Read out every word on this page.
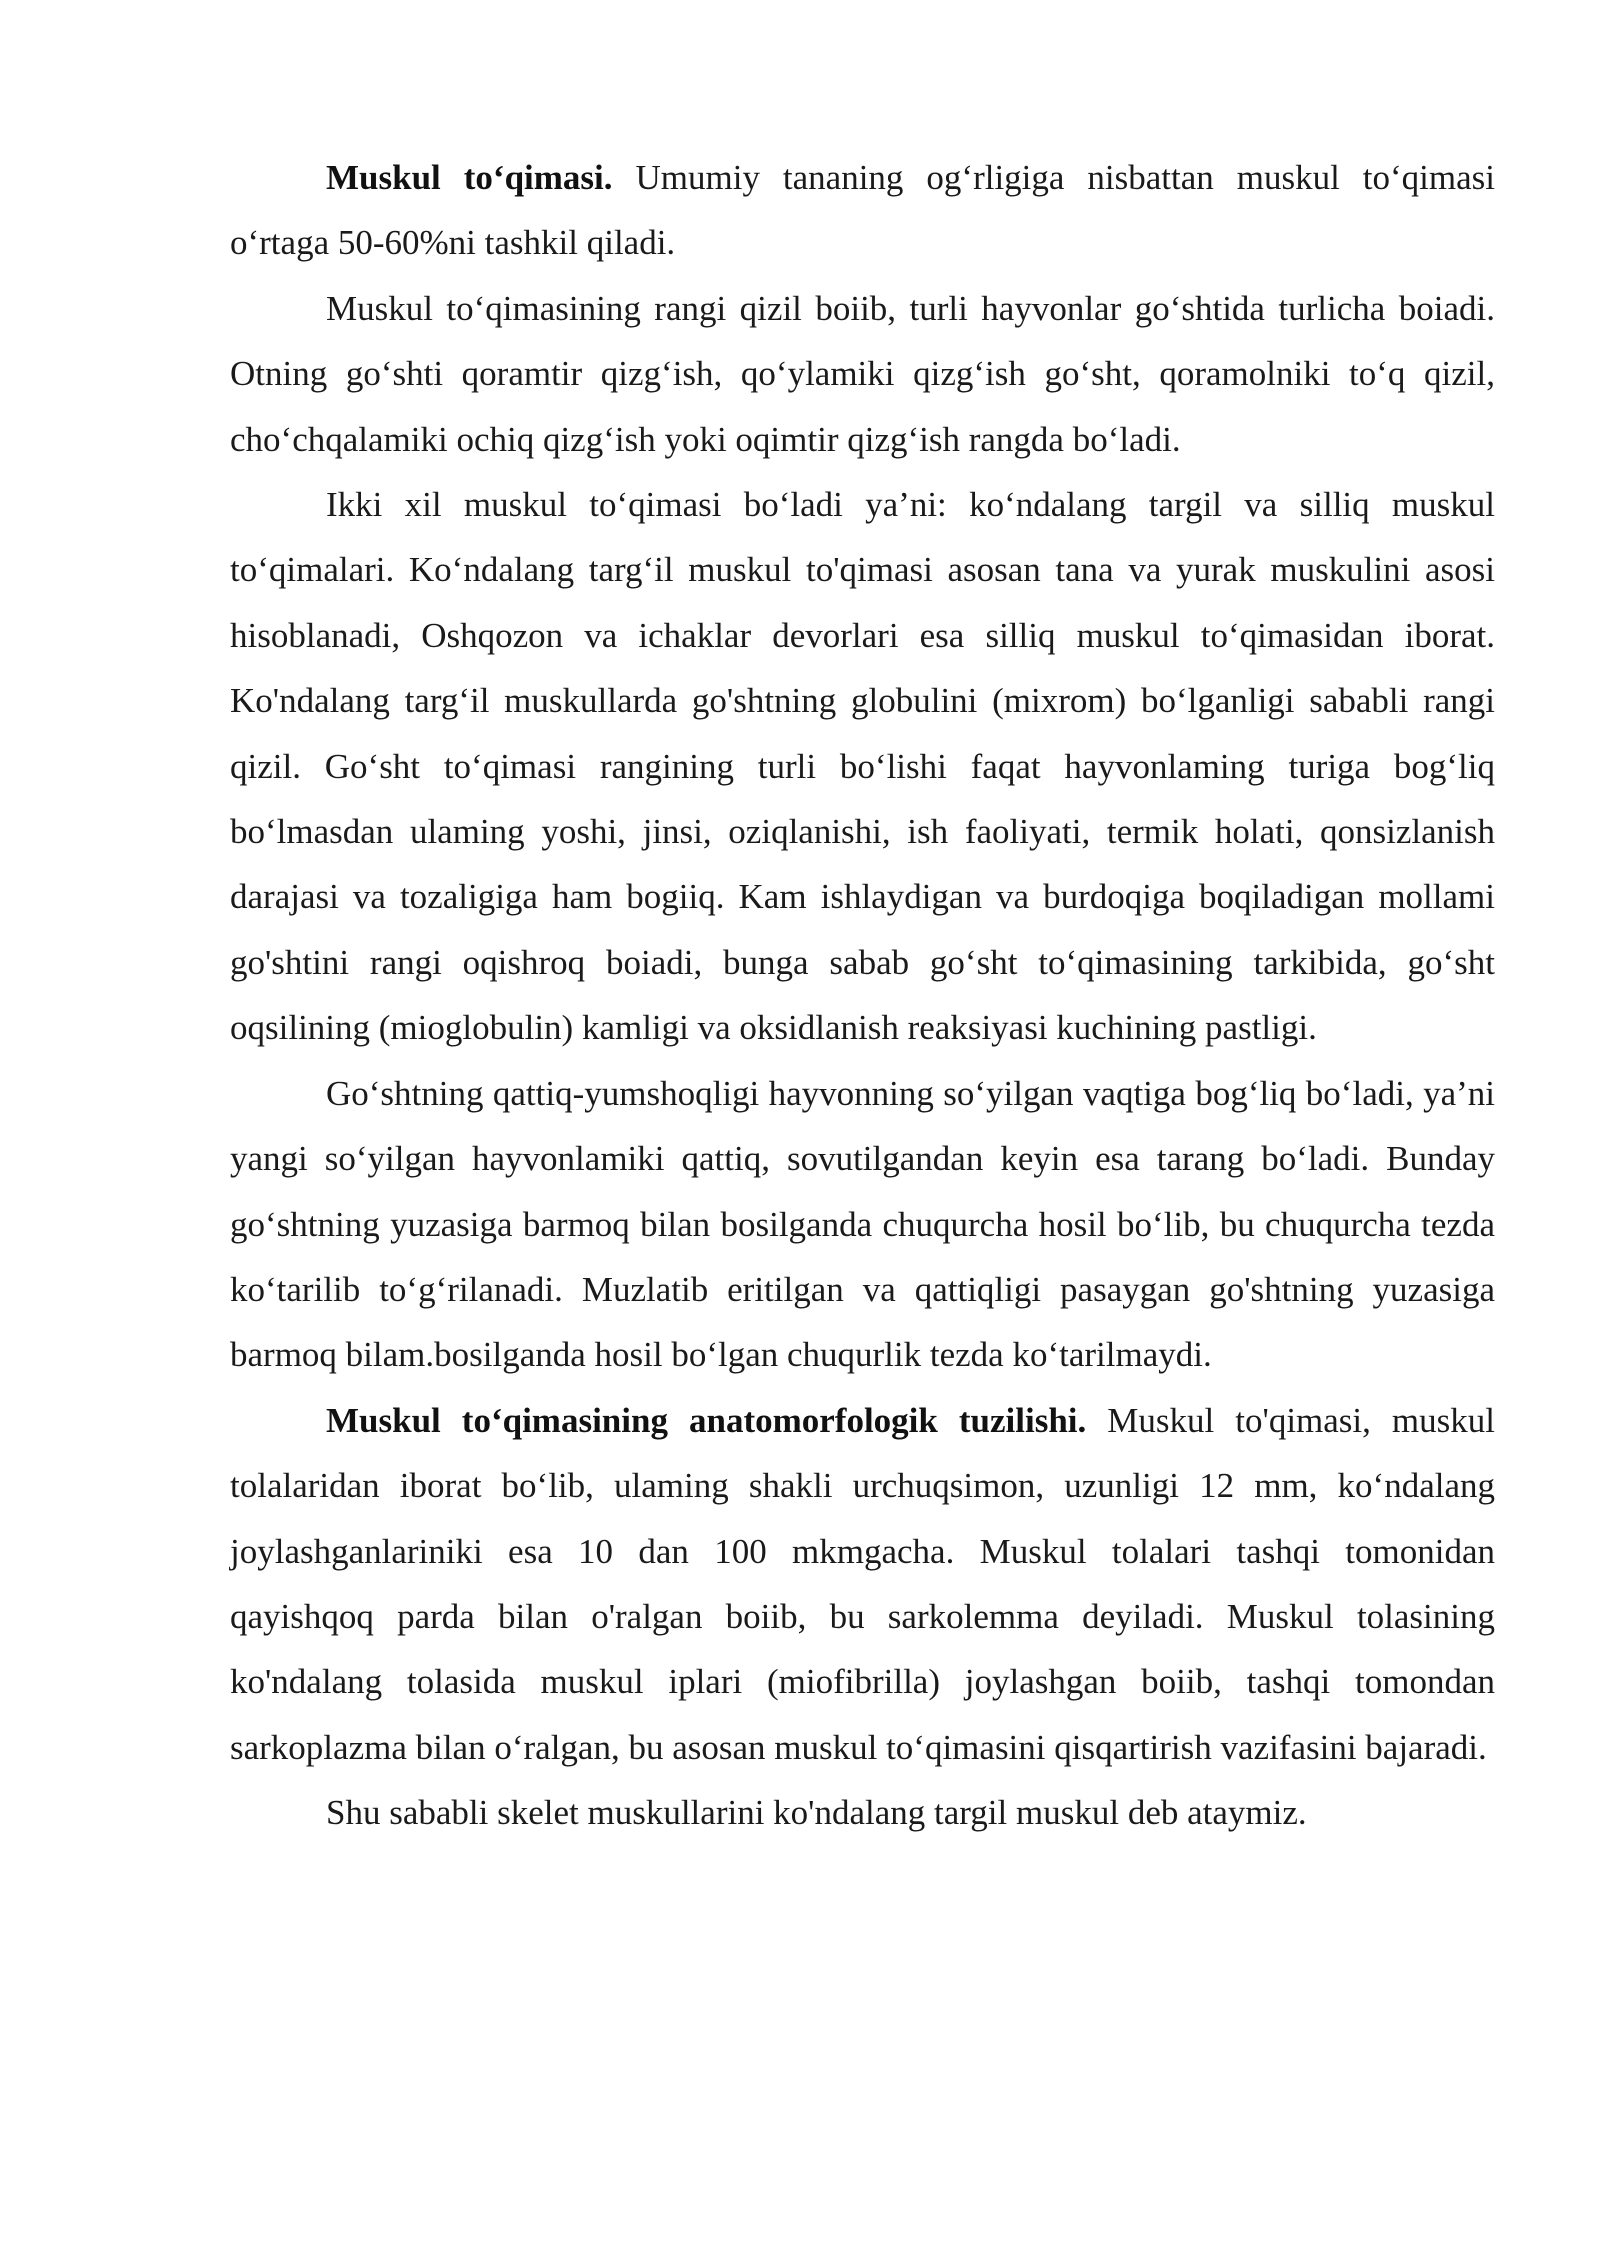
Muskul to‘qimasi. Umumiy tananing og‘rligiga nisbattan muskul to‘qimasi o‘rtaga 50-60%ni tashkil qiladi.

Muskul to‘qimasining rangi qizil boiib, turli hayvonlar go‘shtida turlicha boiadi. Otning go‘shti qoramtir qizg‘ish, qo‘ylamiki qizg‘ish go‘sht, qoramolniki to‘q qizil, cho‘chqalamiki ochiq qizg‘ish yoki oqimtir qizg‘ish rangda bo‘ladi.

Ikki xil muskul to‘qimasi bo‘ladi ya’ni: ko‘ndalang targil va silliq muskul to‘qimalari. Ko‘ndalang targ‘il muskul to'qimasi asosan tana va yurak muskulini asosi hisoblanadi, Oshqozon va ichaklar devorlari esa silliq muskul to‘qimasidan iborat. Ko'ndalang targ‘il muskullarda go'shtning globulini (mixrom) bo‘lganligi sababli rangi qizil. Go‘sht to‘qimasi rangining turli bo‘lishi faqat hayvonlaming turiga bog‘liq bo‘lmasdan ulaming yoshi, jinsi, oziqlanishi, ish faoliyati, termik holati, qonsizlanish darajasi va tozaligiga ham bogiiq. Kam ishlaydigan va burdoqiga boqiladigan mollami go'shtini rangi oqishroq boiadi, bunga sabab go‘sht to‘qimasining tarkibida, go‘sht oqsilining (mioglobulin) kamligi va oksidlanish reaksiyasi kuchining pastligi.

Go‘shtning qattiq-yumshoqligi hayvonning so‘yilgan vaqtiga bog‘liq bo‘ladi, ya’ni yangi so‘yilgan hayvonlamiki qattiq, sovutilgandan keyin esa tarang bo‘ladi. Bunday go‘shtning yuzasiga barmoq bilan bosilganda chuqurcha hosil bo‘lib, bu chuqurcha tezda ko‘tarilib to‘g‘rilanadi. Muzlatib eritilgan va qattiqligi pasaygan go'shtning yuzasiga barmoq bilam.bosilganda hosil bo‘lgan chuqurlik tezda ko‘tarilmaydi.

Muskul to‘qimasining anatomorfologik tuzilishi. Muskul to'qimasi, muskul tolalaridan iborat bo‘lib, ulaming shakli urchuqsimon, uzunligi 12 mm, ko‘ndalang joylashganlariniki esa 10 dan 100 mkmgacha. Muskul tolalari tashqi tomonidan qayishqoq parda bilan o'ralgan boiib, bu sarkolemma deyiladi. Muskul tolasining ko'ndalang tolasida muskul iplari (miofibrilla) joylashgan boiib, tashqi tomondan sarkoplazma bilan o‘ralgan, bu asosan muskul to‘qimasini qisqartirish vazifasini bajaradi.

Shu sababli skelet muskullarini ko'ndalang targil muskul deb ataymiz.
